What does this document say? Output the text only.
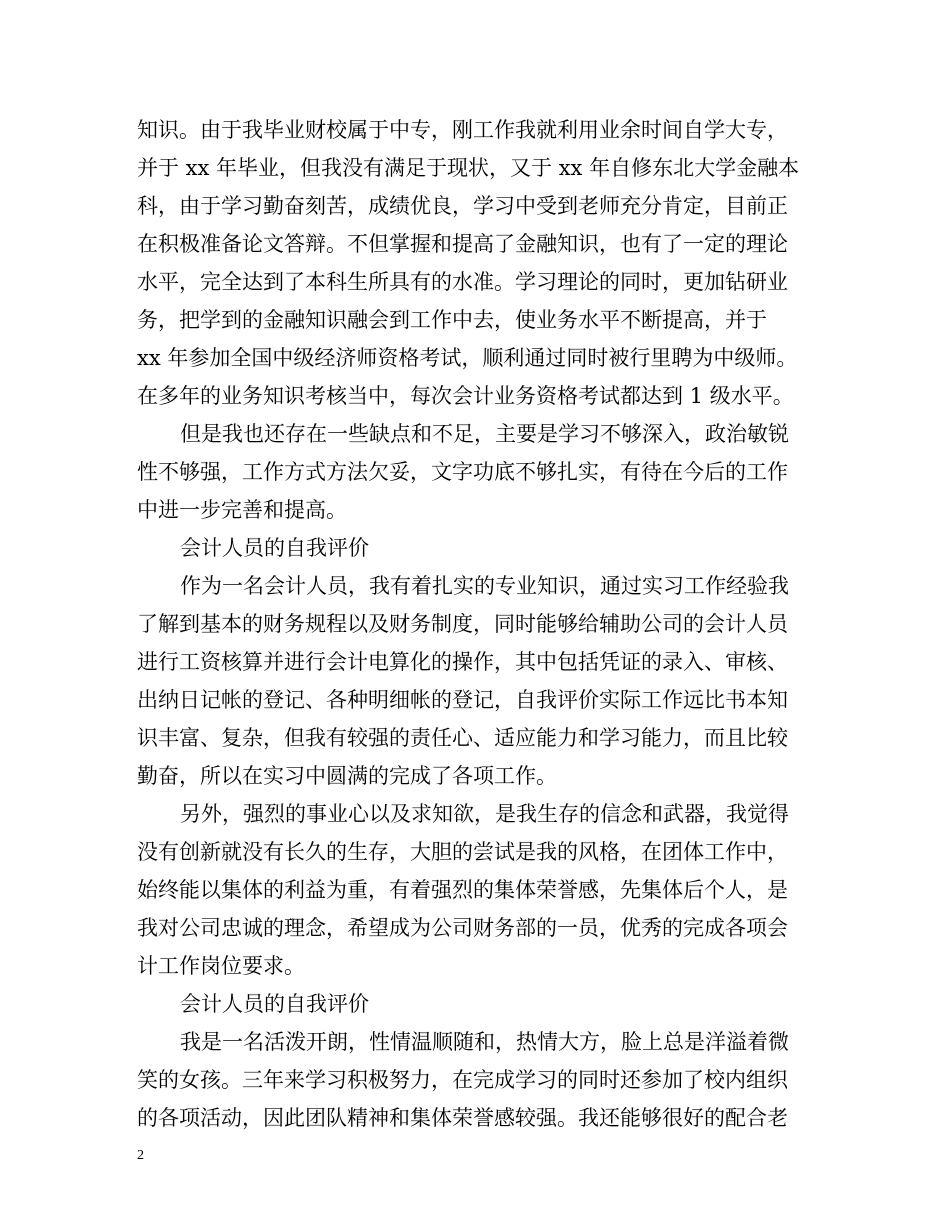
知识。由于我毕业财校属于中专，刚工作我就利用业余时间自学大专，
并于 xx 年毕业，但我没有满足于现状，又于 xx 年自修东北大学金融本
科，由于学习勤奋刻苦，成绩优良，学习中受到老师充分肯定，目前正
在积极准备论文答辩。不但掌握和提高了金融知识，也有了一定的理论
水平，完全达到了本科生所具有的水准。学习理论的同时，更加钻研业
务，把学到的金融知识融会到工作中去，使业务水平不断提高，并于
xx 年参加全国中级经济师资格考试，顺利通过同时被行里聘为中级师。
在多年的业务知识考核当中，每次会计业务资格考试都达到 1 级水平。
但是我也还存在一些缺点和不足，主要是学习不够深入，政治敏锐
性不够强，工作方式方法欠妥，文字功底不够扎实，有待在今后的工作
中进一步完善和提高。
会计人员的自我评价
作为一名会计人员，我有着扎实的专业知识，通过实习工作经验我
了解到基本的财务规程以及财务制度，同时能够给辅助公司的会计人员
进行工资核算并进行会计电算化的操作，其中包括凭证的录入、审核、
出纳日记帐的登记、各种明细帐的登记，自我评价实际工作远比书本知
识丰富、复杂，但我有较强的责任心、适应能力和学习能力，而且比较
勤奋，所以在实习中圆满的完成了各项工作。
另外，强烈的事业心以及求知欲，是我生存的信念和武器，我觉得
没有创新就没有长久的生存，大胆的尝试是我的风格，在团体工作中，
始终能以集体的利益为重，有着强烈的集体荣誉感，先集体后个人，是
我对公司忠诚的理念，希望成为公司财务部的一员，优秀的完成各项会
计工作岗位要求。
会计人员的自我评价
我是一名活泼开朗，性情温顺随和，热情大方，脸上总是洋溢着微
笑的女孩。三年来学习积极努力，在完成学习的同时还参加了校内组织
的各项活动，因此团队精神和集体荣誉感较强。我还能够很好的配合老
2
